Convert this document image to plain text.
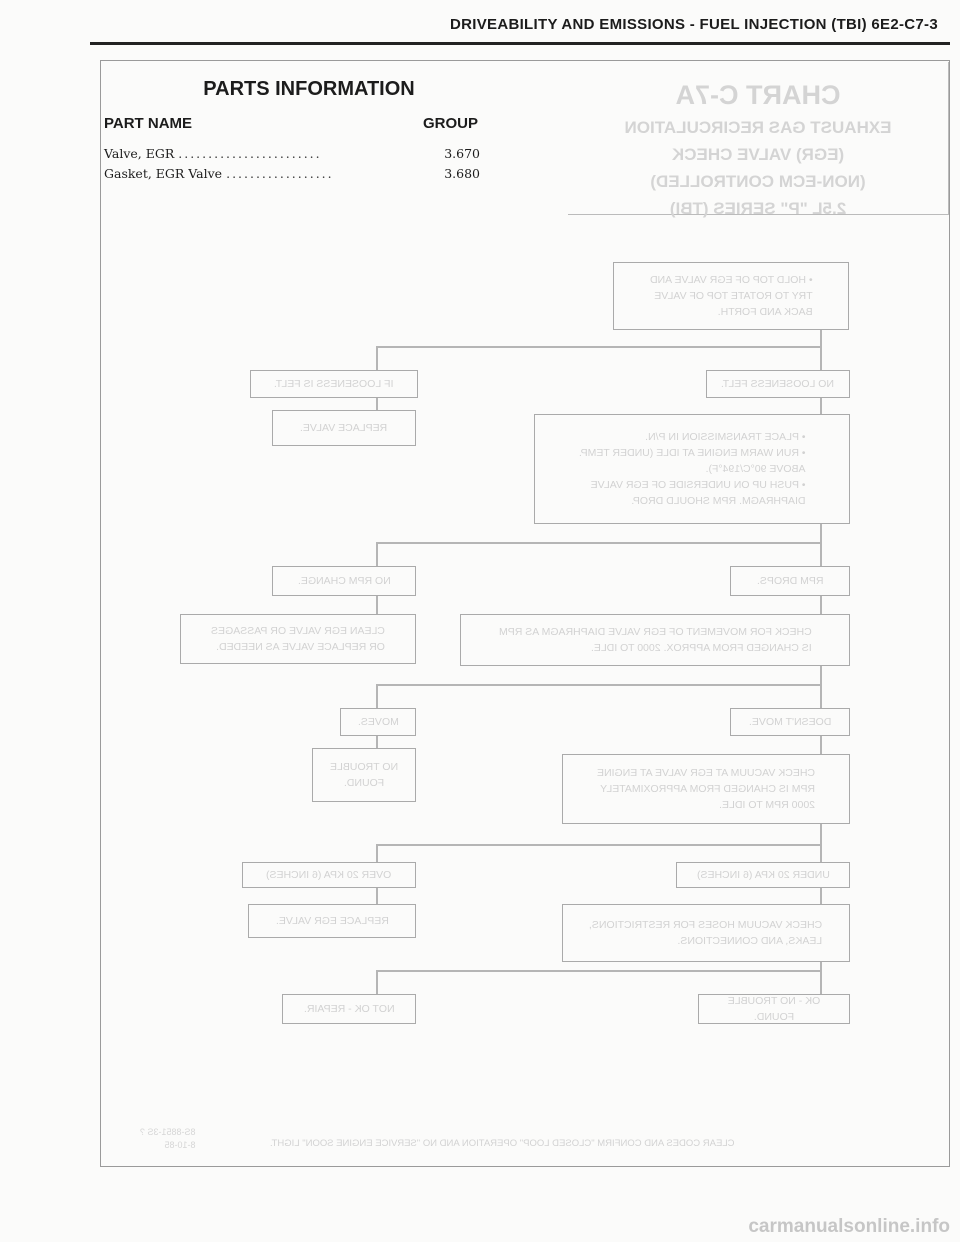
DRIVEABILITY AND EMISSIONS - FUEL INJECTION (TBI) 6E2-C7-3
PARTS INFORMATION
PART NAME	GROUP
Valve, EGR ........................	3.670
Gasket, EGR Valve ..................	3.680
CHART C-7A
EXHAUST GAS RECIRCULATION
(EGR) VALVE CHECK
(NON-ECM CONTROLLED)
2.5L "P" SERIES (TBI)
• HOLD TOP OF EGR VALVE AND
TRY TO ROTATE TOP OF VALVE
BACK AND FORTH.
IF LOOSENESS IS FELT.	NO LOOSENESS FELT.
REPLACE VALVE.
• PLACE TRANSMISSION IN P/N.
• RUN WARM ENGINE AT IDLE (UNDER TEMP.
ABOVE 90°C/194°F).
• PUSH UP ON UNDERSIDE OF EGR VALVE
DIAPHRAGM. RPM SHOULD DROP.
NO RPM CHANGE.	RPM DROPS.
CLEAN EGR VALVE OR PASSAGES
OR REPLACE VALVE AS NEEDED.
CHECK FOR MOVEMENT OF EGR VALVE DIAPHRAGM AS RPM
IS CHANGED FROM APPROX. 2000 TO IDLE.
MOVES.	DOESN'T MOVE.
NO TROUBLE
FOUND.
CHECK VACUUM AT EGR VALVE AT ENGINE
RPM IS CHANGED FROM APPROXIMATELY
2000 RPM TO IDLE.
OVER 20 KPA (6 INCHES)	UNDER 20 KPA (6 INCHES)
REPLACE EGR VALVE.	CHECK VACUUM HOSES FOR RESTRICTIONS,
LEAKS, AND CONNECTIONS.
NOT OK - REPAIR.
OK - NO TROUBLE FOUND.
8S-8851-3S ?
8-10-85	CLEAR CODES AND CONFIRM "CLOSED LOOP" OPERATION AND NO "SERVICE ENGINE SOON" LIGHT.
carmanualsonline.info
